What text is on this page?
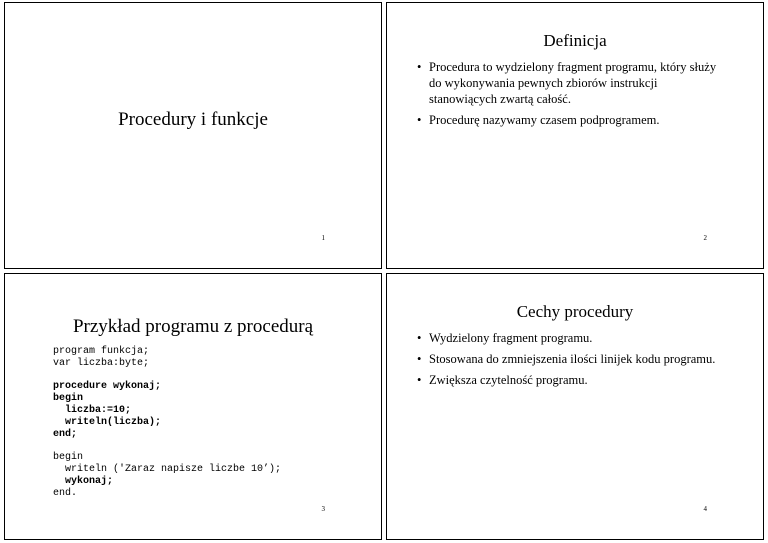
Procedury i funkcje
1
Definicja
• Procedura to wydzielony fragment programu, który służy do wykonywania pewnych zbiorów instrukcji stanowiących zwartą całość.
• Procedurę nazywamy czasem podprogramem.
2
Przykład programu z procedurą
program funkcja;
var liczba:byte;
procedure wykonaj;
begin
liczba:=10;
writeln(liczba);
end;
begin
writeln ('Zaraz napisze liczbe 10’);
wykonaj;
end.
3
Cechy procedury
• Wydzielony fragment programu.
• Stosowana do zmniejszenia ilości linijek kodu programu.
• Zwiększa czytelność programu.
4
